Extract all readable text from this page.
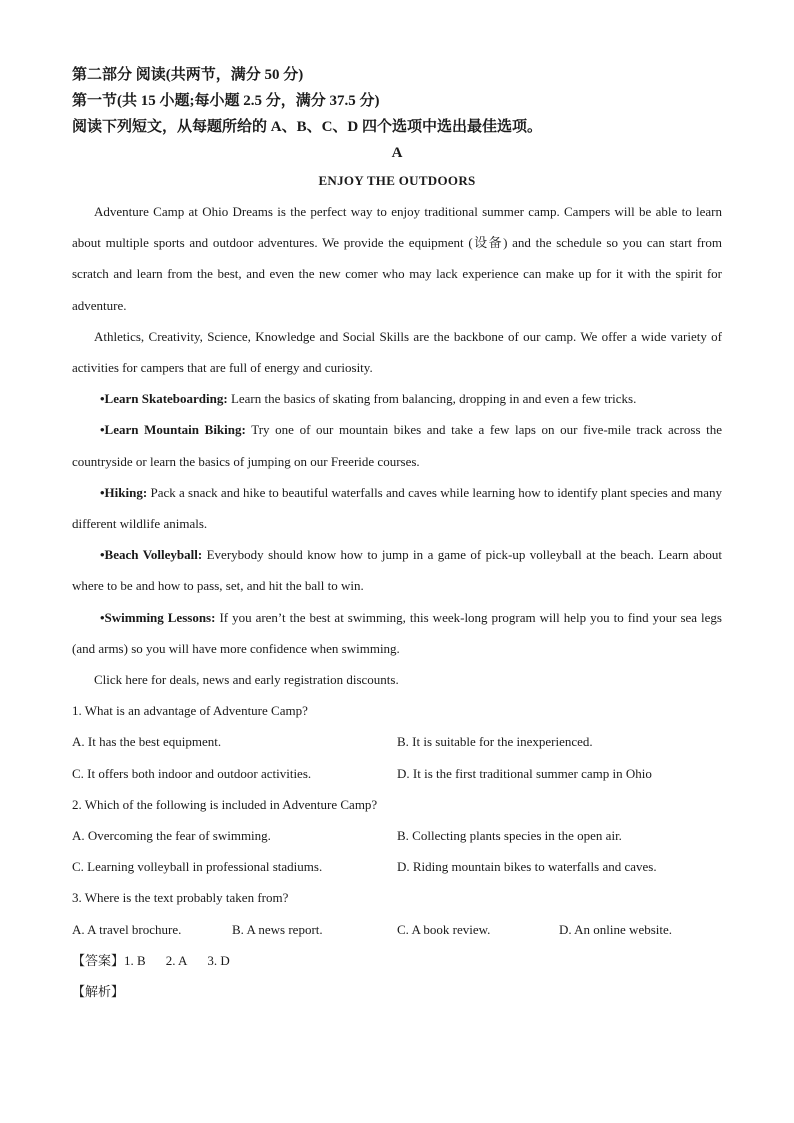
第二部分 阅读(共两节，满分 50 分)
第一节(共 15 小题;每小题 2.5 分，满分 37.5 分)
阅读下列短文，从每题所给的 A、B、C、D 四个选项中选出最佳选项。
A
ENJOY THE OUTDOORS

Adventure Camp at Ohio Dreams is the perfect way to enjoy traditional summer camp. Campers will be able to learn about multiple sports and outdoor adventures. We provide the equipment (设备) and the schedule so you can start from scratch and learn from the best, and even the new comer who may lack experience can make up for it with the spirit for adventure.

Athletics, Creativity, Science, Knowledge and Social Skills are the backbone of our camp. We offer a wide variety of activities for campers that are full of energy and curiosity.

•Learn Skateboarding: Learn the basics of skating from balancing, dropping in and even a few tricks.

•Learn Mountain Biking: Try one of our mountain bikes and take a few laps on our five-mile track across the countryside or learn the basics of jumping on our Freeride courses.

•Hiking: Pack a snack and hike to beautiful waterfalls and caves while learning how to identify plant species and many different wildlife animals.

•Beach Volleyball: Everybody should know how to jump in a game of pick-up volleyball at the beach. Learn about where to be and how to pass, set, and hit the ball to win.

•Swimming Lessons: If you aren’t the best at swimming, this week-long program will help you to find your sea legs (and arms) so you will have more confidence when swimming.

Click here for deals, news and early registration discounts.

1. What is an advantage of Adventure Camp?
A. It has the best equipment.	B. It is suitable for the inexperienced.
C. It offers both indoor and outdoor activities.	D. It is the first traditional summer camp in Ohio
2. Which of the following is included in Adventure Camp?
A. Overcoming the fear of swimming.	B. Collecting plants species in the open air.
C. Learning volleyball in professional stadiums.	D. Riding mountain bikes to waterfalls and caves.
3. Where is the text probably taken from?
A. A travel brochure.	B. A news report.	C. A book review.	D. An online website.
【答案】1. B 2. A 3. D
【解析】
